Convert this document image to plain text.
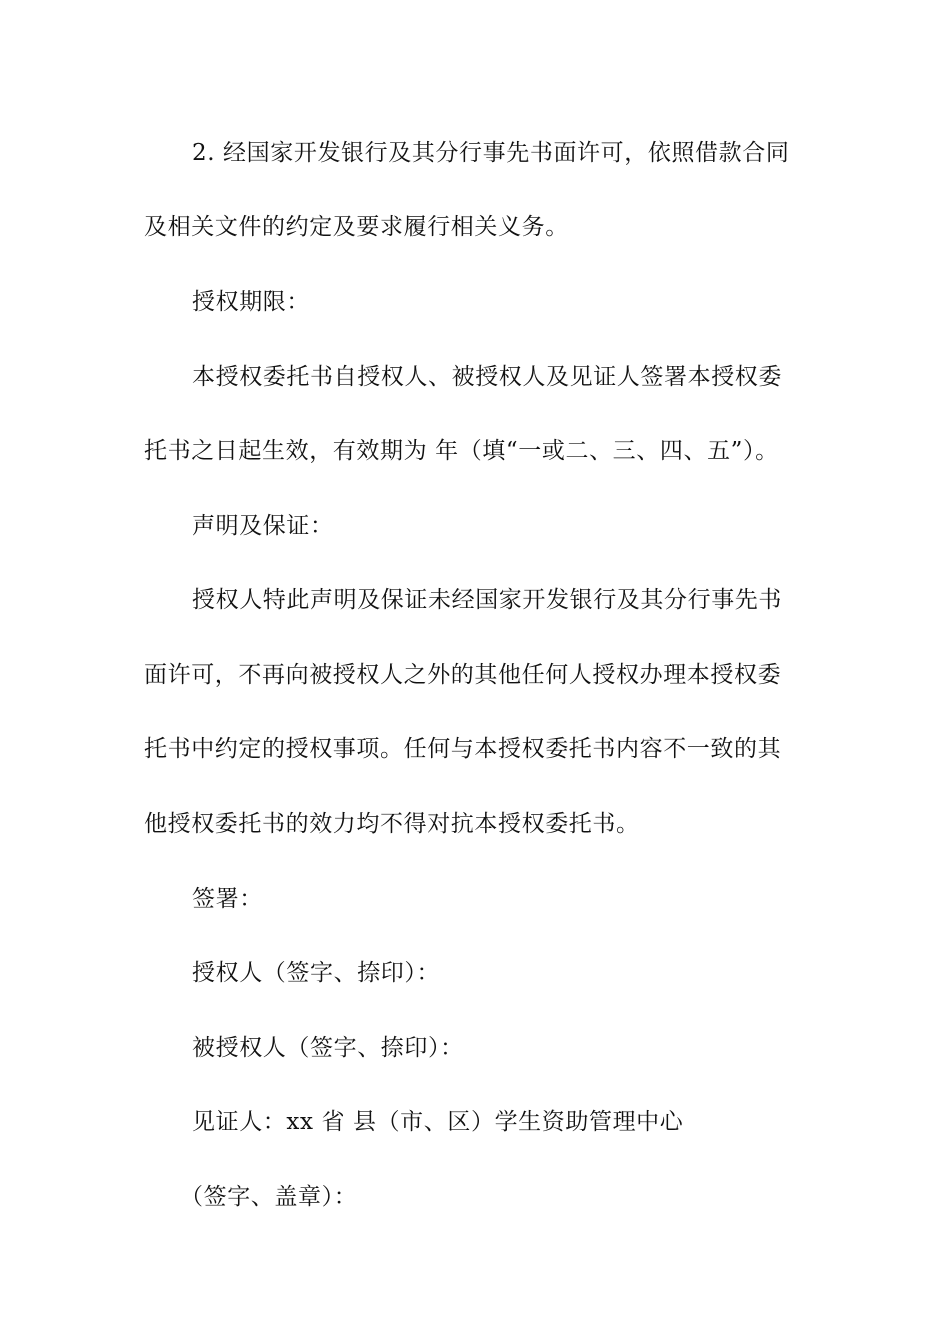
2. 经国家开发银行及其分行事先书面许可，依照借款合同
及相关文件的约定及要求履行相关义务。
授权期限：
本授权委托书自授权人、被授权人及见证人签署本授权委
托书之日起生效，有效期为 年（填“一或二、三、四、五”）。
声明及保证：
授权人特此声明及保证未经国家开发银行及其分行事先书
面许可，不再向被授权人之外的其他任何人授权办理本授权委
托书中约定的授权事项。任何与本授权委托书内容不一致的其
他授权委托书的效力均不得对抗本授权委托书。
签署：
授权人（签字、捺印）：
被授权人（签字、捺印）：
见证人：xx 省 县（市、区）学生资助管理中心
（签字、盖章）：
